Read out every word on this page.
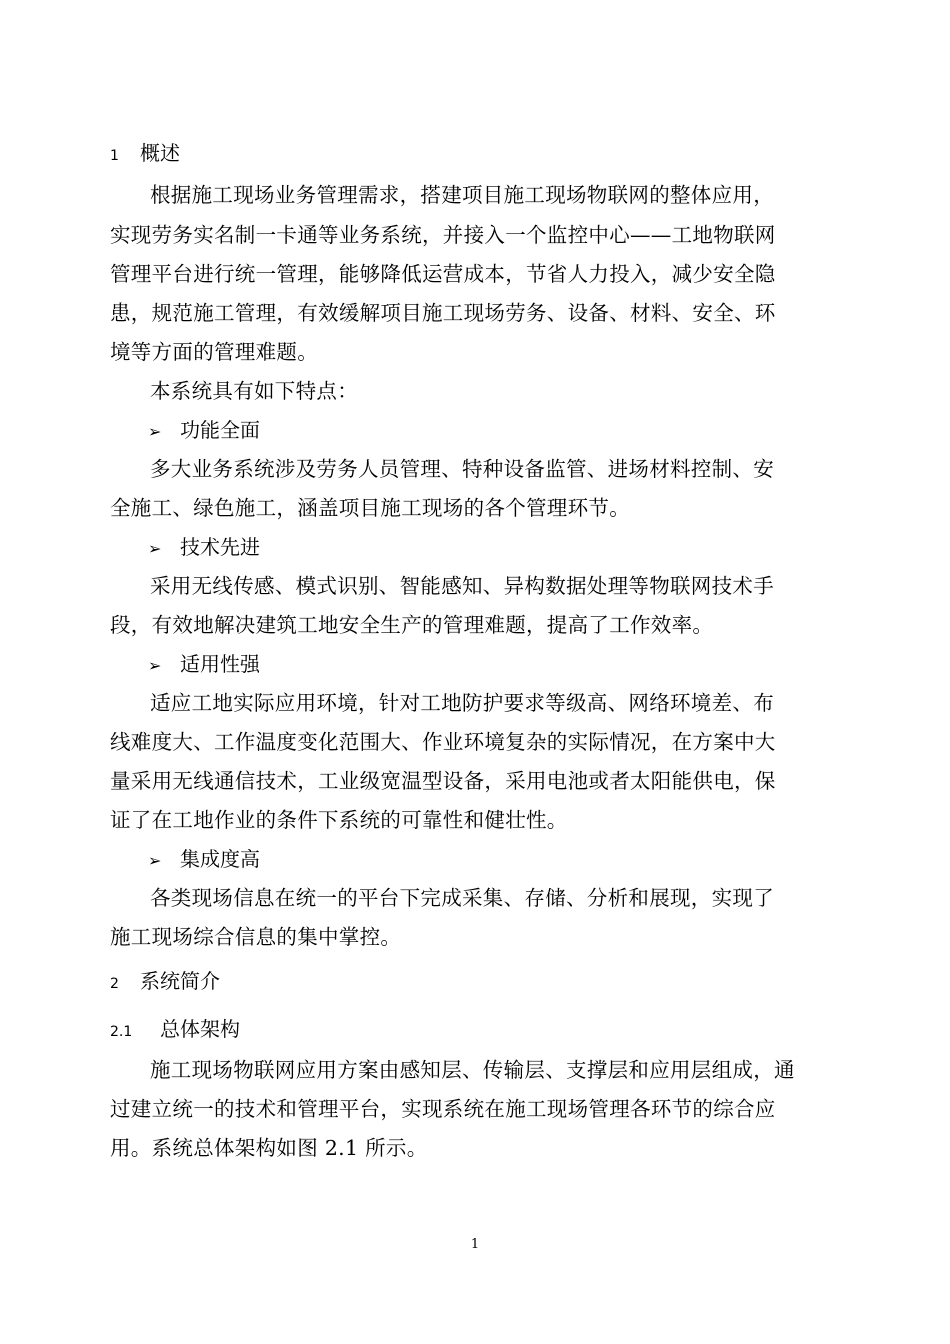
1 概述
根据施工现场业务管理需求，搭建项目施工现场物联网的整体应用，
实现劳务实名制一卡通等业务系统，并接入一个监控中心——工地物联网
管理平台进行统一管理，能够降低运营成本，节省人力投入，减少安全隐
患，规范施工管理，有效缓解项目施工现场劳务、设备、材料、安全、环
境等方面的管理难题。
本系统具有如下特点：
➢ 功能全面
多大业务系统涉及劳务人员管理、特种设备监管、进场材料控制、安
全施工、绿色施工，涵盖项目施工现场的各个管理环节。
➢ 技术先进
采用无线传感、模式识别、智能感知、异构数据处理等物联网技术手
段，有效地解决建筑工地安全生产的管理难题，提高了工作效率。
➢ 适用性强
适应工地实际应用环境，针对工地防护要求等级高、网络环境差、布
线难度大、工作温度变化范围大、作业环境复杂的实际情况，在方案中大
量采用无线通信技术，工业级宽温型设备，采用电池或者太阳能供电，保
证了在工地作业的条件下系统的可靠性和健壮性。
➢ 集成度高
各类现场信息在统一的平台下完成采集、存储、分析和展现，实现了
施工现场综合信息的集中掌控。
2 系统简介
2.1 总体架构
施工现场物联网应用方案由感知层、传输层、支撑层和应用层组成，通
过建立统一的技术和管理平台，实现系统在施工现场管理各环节的综合应
用。系统总体架构如图 2.1 所示。
1
